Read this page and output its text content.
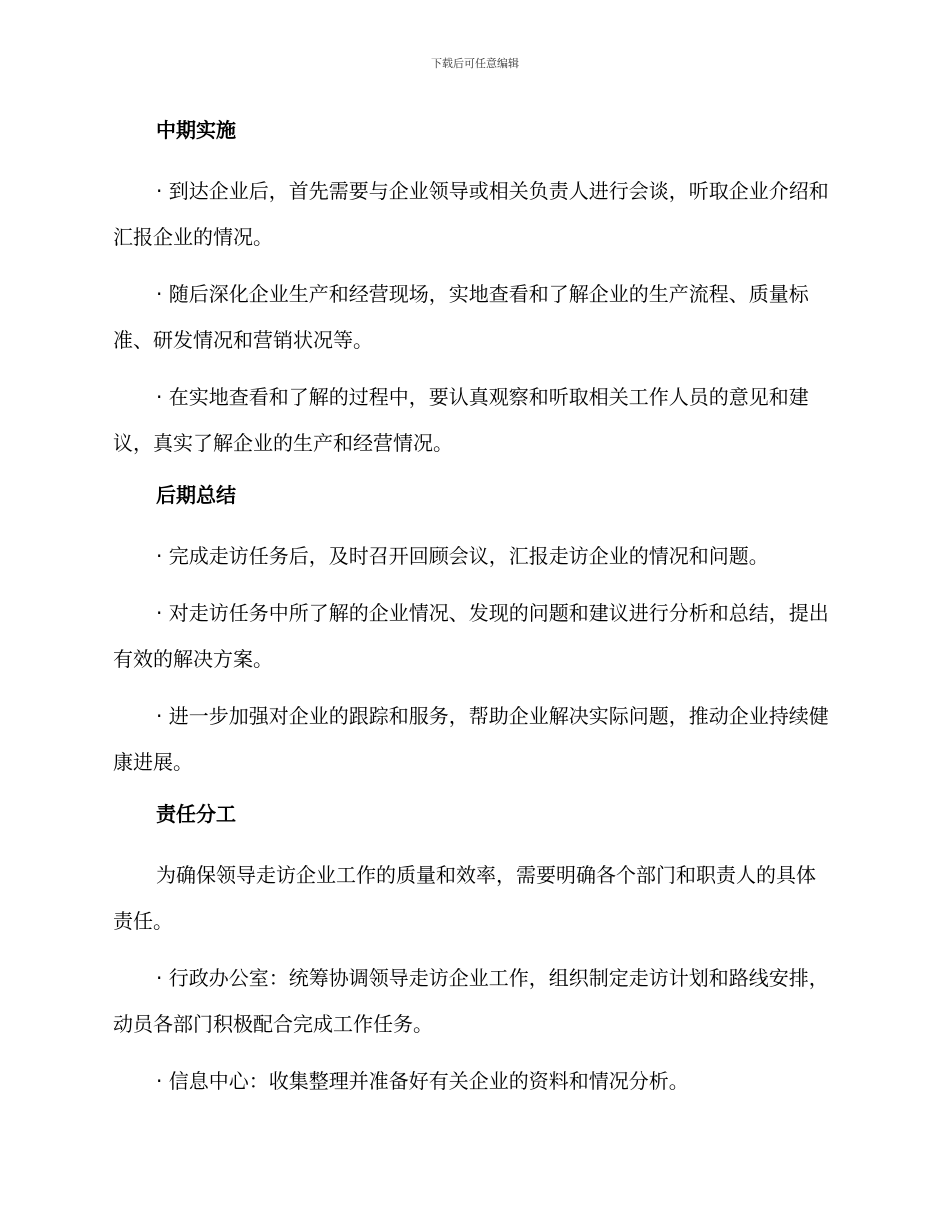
下载后可任意编辑
中期实施

· 到达企业后，首先需要与企业领导或相关负责人进行会谈，听取企业介绍和汇报企业的情况。

· 随后深化企业生产和经营现场，实地查看和了解企业的生产流程、质量标准、研发情况和营销状况等。

· 在实地查看和了解的过程中，要认真观察和听取相关工作人员的意见和建议，真实了解企业的生产和经营情况。

后期总结

· 完成走访任务后，及时召开回顾会议，汇报走访企业的情况和问题。

· 对走访任务中所了解的企业情况、发现的问题和建议进行分析和总结，提出有效的解决方案。

· 进一步加强对企业的跟踪和服务，帮助企业解决实际问题，推动企业持续健康进展。

责任分工

为确保领导走访企业工作的质量和效率，需要明确各个部门和职责人的具体责任。

· 行政办公室：统筹协调领导走访企业工作，组织制定走访计划和路线安排，动员各部门积极配合完成工作任务。

· 信息中心：收集整理并准备好有关企业的资料和情况分析。
